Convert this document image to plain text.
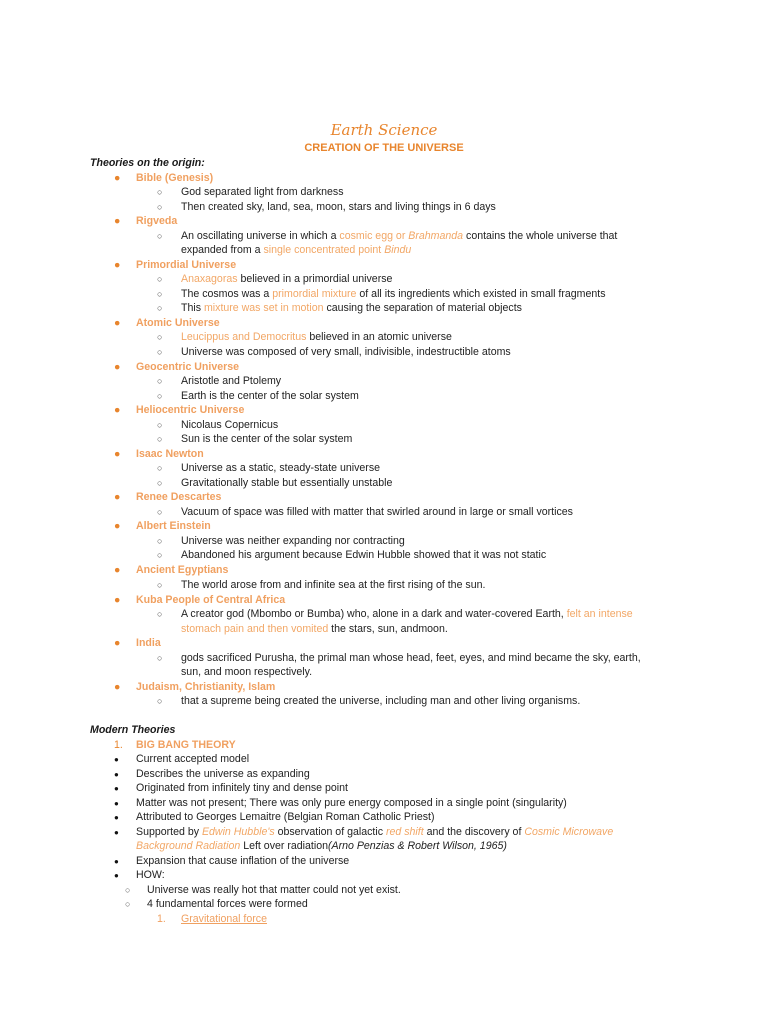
Earth Science
CREATION OF THE UNIVERSE
Theories on the origin:
● Bible (Genesis)
○ God separated light from darkness
○ Then created sky, land, sea, moon, stars and living things in 6 days
● Rigveda
○ An oscillating universe in which a cosmic egg or Brahmanda contains the whole universe that
expanded from a single concentrated point Bindu
● Primordial Universe
○ Anaxagoras believed in a primordial universe
○ The cosmos was a primordial mixture of all its ingredients which existed in small fragments
○ This mixture was set in motion causing the separation of material objects
● Atomic Universe
○ Leucippus and Democritus believed in an atomic universe
○ Universe was composed of very small, indivisible, indestructible atoms
● Geocentric Universe
○ Aristotle and Ptolemy
○ Earth is the center of the solar system
● Heliocentric Universe
○ Nicolaus Copernicus
○ Sun is the center of the solar system
● Isaac Newton
○ Universe as a static, steady-state universe
○ Gravitationally stable but essentially unstable
● Renee Descartes
○ Vacuum of space was filled with matter that swirled around in large or small vortices
● Albert Einstein
○ Universe was neither expanding nor contracting
○ Abandoned his argument because Edwin Hubble showed that it was not static
● Ancient Egyptians
○ The world arose from and infinite sea at the first rising of the sun.
● Kuba People of Central Africa
○ A creator god (Mbombo or Bumba) who, alone in a dark and water-covered Earth, felt an intense
stomach pain and then vomited the stars, sun, andmoon.
● India
○ gods sacrificed Purusha, the primal man whose head, feet, eyes, and mind became the sky, earth,
sun, and moon respectively.
● Judaism, Christianity, Islam
○ that a supreme being created the universe, including man and other living organisms.
Modern Theories
1. BIG BANG THEORY
● Current accepted model
● Describes the universe as expanding
● Originated from infinitely tiny and dense point
● Matter was not present; There was only pure energy composed in a single point (singularity)
● Attributed to Georges Lemaitre (Belgian Roman Catholic Priest)
● Supported by Edwin Hubble's observation of galactic red shift and the discovery of Cosmic Microwave
Background Radiation Left over radiation(Arno Penzias & Robert Wilson, 1965)
● Expansion that cause inflation of the universe
● HOW:
○ Universe was really hot that matter could not yet exist.
○ 4 fundamental forces were formed
1. Gravitational force
